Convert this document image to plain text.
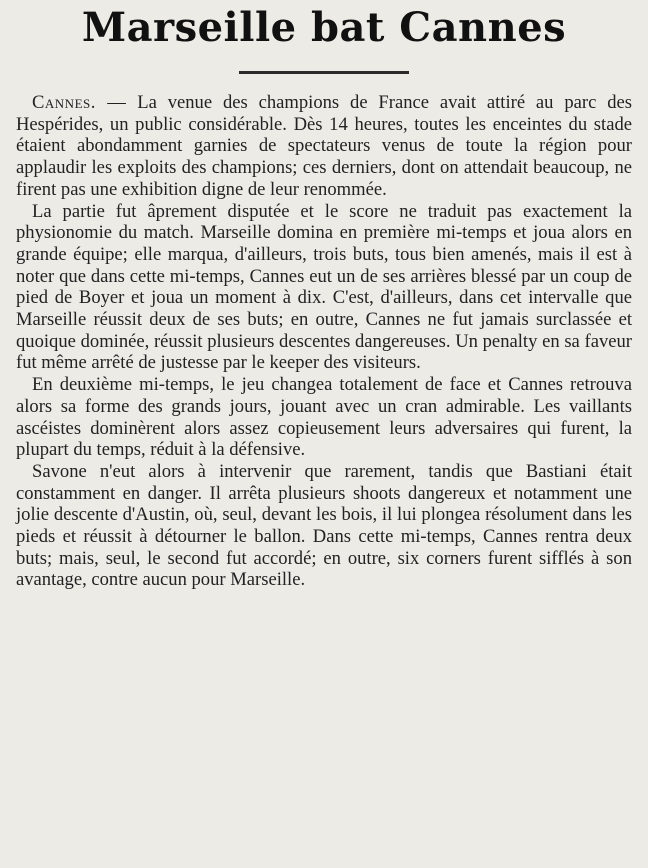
Marseille bat Cannes

Cannes. — La venue des champions de France avait attiré au parc des Hespérides, un public considérable. Dès 14 heures, toutes les enceintes du stade étaient abondamment garnies de spectateurs venus de toute la région pour applaudir les exploits des champions; ces derniers, dont on attendait beaucoup, ne firent pas une exhibition digne de leur renommée.

La partie fut âprement disputée et le score ne traduit pas exactement la physionomie du match. Marseille domina en première mi-temps et joua alors en grande équipe; elle marqua, d'ailleurs, trois buts, tous bien amenés, mais il est à noter que dans cette mi-temps, Cannes eut un de ses arrières blessé par un coup de pied de Boyer et joua un moment à dix. C'est, d'ailleurs, dans cet intervalle que Marseille réussit deux de ses buts; en outre, Cannes ne fut jamais surclassée et quoique dominée, réussit plusieurs descentes dangereuses. Un penalty en sa faveur fut même arrêté de justesse par le keeper des visiteurs.

En deuxième mi-temps, le jeu changea totalement de face et Cannes retrouva alors sa forme des grands jours, jouant avec un cran admirable. Les vaillants ascéistes dominèrent alors assez copieusement leurs adversaires qui furent, la plupart du temps, réduit à la défensive.

Savone n'eut alors à intervenir que rarement, tandis que Bastiani était constamment en danger. Il arrêta plusieurs shoots dangereux et notamment une jolie descente d'Austin, où, seul, devant les bois, il lui plongea résolument dans les pieds et réussit à détourner le ballon. Dans cette mi-temps, Cannes rentra deux buts; mais, seul, le second fut accordé; en outre, six corners furent sifflés à son avantage, contre aucun pour Marseille.
